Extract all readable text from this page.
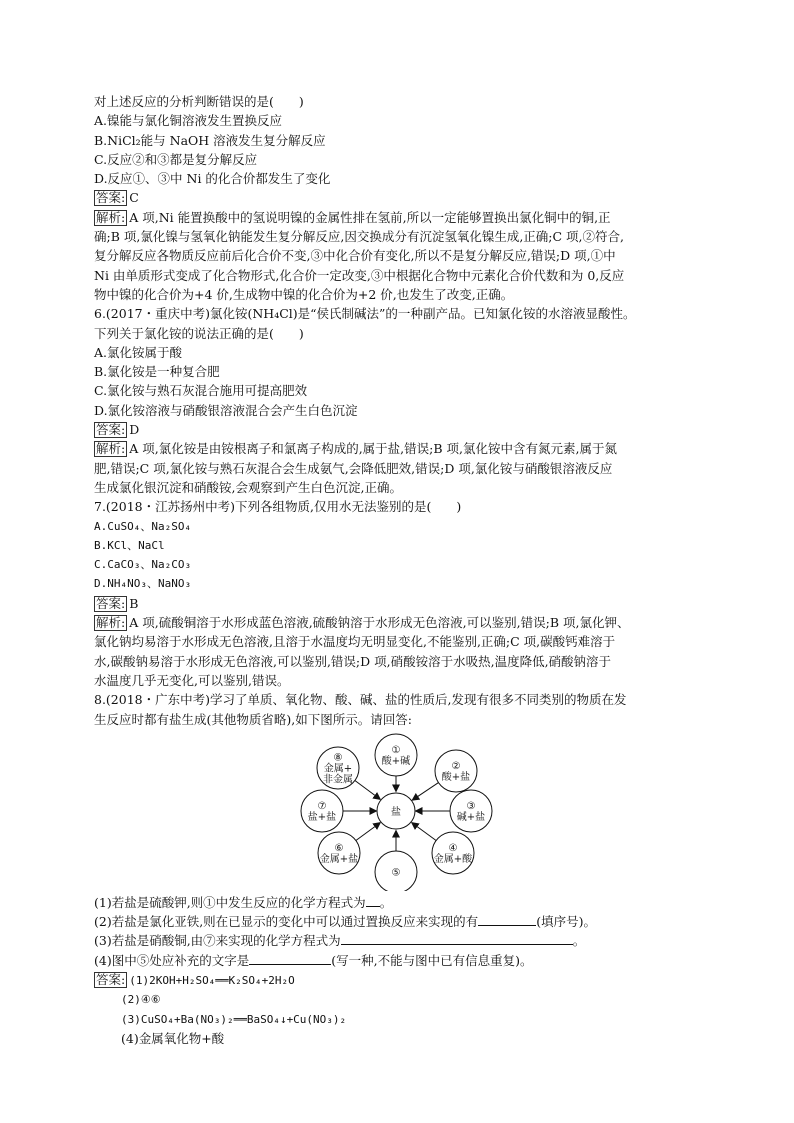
对上述反应的分析判断错误的是(　　)
A.镍能与氯化铜溶液发生置换反应
B.NiCl₂能与 NaOH 溶液发生复分解反应
C.反应②和③都是复分解反应
D.反应①、③中 Ni 的化合价都发生了变化
答案: C
解析: A 项,Ni 能置换酸中的氢说明镍的金属性排在氢前,所以一定能够置换出氯化铜中的铜,正
确;B 项,氯化镍与氢氧化钠能发生复分解反应,因交换成分有沉淀氢氧化镍生成,正确;C 项,②符合,
复分解反应各物质反应前后化合价不变,③中化合价有变化,所以不是复分解反应,错误;D 项,①中
Ni 由单质形式变成了化合物形式,化合价一定改变,③中根据化合物中元素化合价代数和为 0,反应
物中镍的化合价为+4 价,生成物中镍的化合价为+2 价,也发生了改变,正确。
6.(2017・重庆中考)氯化铵(NH₄Cl)是“侯氏制碱法”的一种副产品。已知氯化铵的水溶液显酸性。
下列关于氯化铵的说法正确的是(　　)
A.氯化铵属于酸
B.氯化铵是一种复合肥
C.氯化铵与熟石灰混合施用可提高肥效
D.氯化铵溶液与硝酸银溶液混合会产生白色沉淀
答案: D
解析: A 项,氯化铵是由铵根离子和氯离子构成的,属于盐,错误;B 项,氯化铵中含有氮元素,属于氮
肥,错误;C 项,氯化铵与熟石灰混合会生成氨气,会降低肥效,错误;D 项,氯化铵与硝酸银溶液反应
生成氯化银沉淀和硝酸铵,会观察到产生白色沉淀,正确。
7.(2018・江苏扬州中考)下列各组物质,仅用水无法鉴别的是(　　)
A.CuSO₄、Na₂SO₄
B.KCl、NaCl
C.CaCO₃、Na₂CO₃
D.NH₄NO₃、NaNO₃
答案: B
解析: A 项,硫酸铜溶于水形成蓝色溶液,硫酸钠溶于水形成无色溶液,可以鉴别,错误;B 项,氯化钾、
氯化钠均易溶于水形成无色溶液,且溶于水温度均无明显变化,不能鉴别,正确;C 项,碳酸钙难溶于
水,碳酸钠易溶于水形成无色溶液,可以鉴别,错误;D 项,硝酸铵溶于水吸热,温度降低,硝酸钠溶于
水温度几乎无变化,可以鉴别,错误。
8.(2018・广东中考)学习了单质、氧化物、酸、碱、盐的性质后,发现有很多不同类别的物质在发
生反应时都有盐生成(其他物质省略),如下图所示。请回答:
盐
①
酸+碱	②
酸+盐
③
碱+盐
④
金属+酸
⑤
⑥
金属+盐
⑦
盐+盐
⑧
金属+
非金属
(1)若盐是硫酸钾,则①中发生反应的化学方程式为 。
(2)若盐是氯化亚铁,则在已显示的变化中可以通过置换反应来实现的有	(填序号)。
(3)若盐是硝酸铜,由⑦来实现的化学方程式为	。
(4)图中⑤处应补充的文字是	(写一种,不能与图中已有信息重复)。
答案: (1)2KOH+H₂SO₄══K₂SO₄+2H₂O
(2)④⑥
(3)CuSO₄+Ba(NO₃)₂══BaSO₄↓+Cu(NO₃)₂
(4)金属氧化物+酸
